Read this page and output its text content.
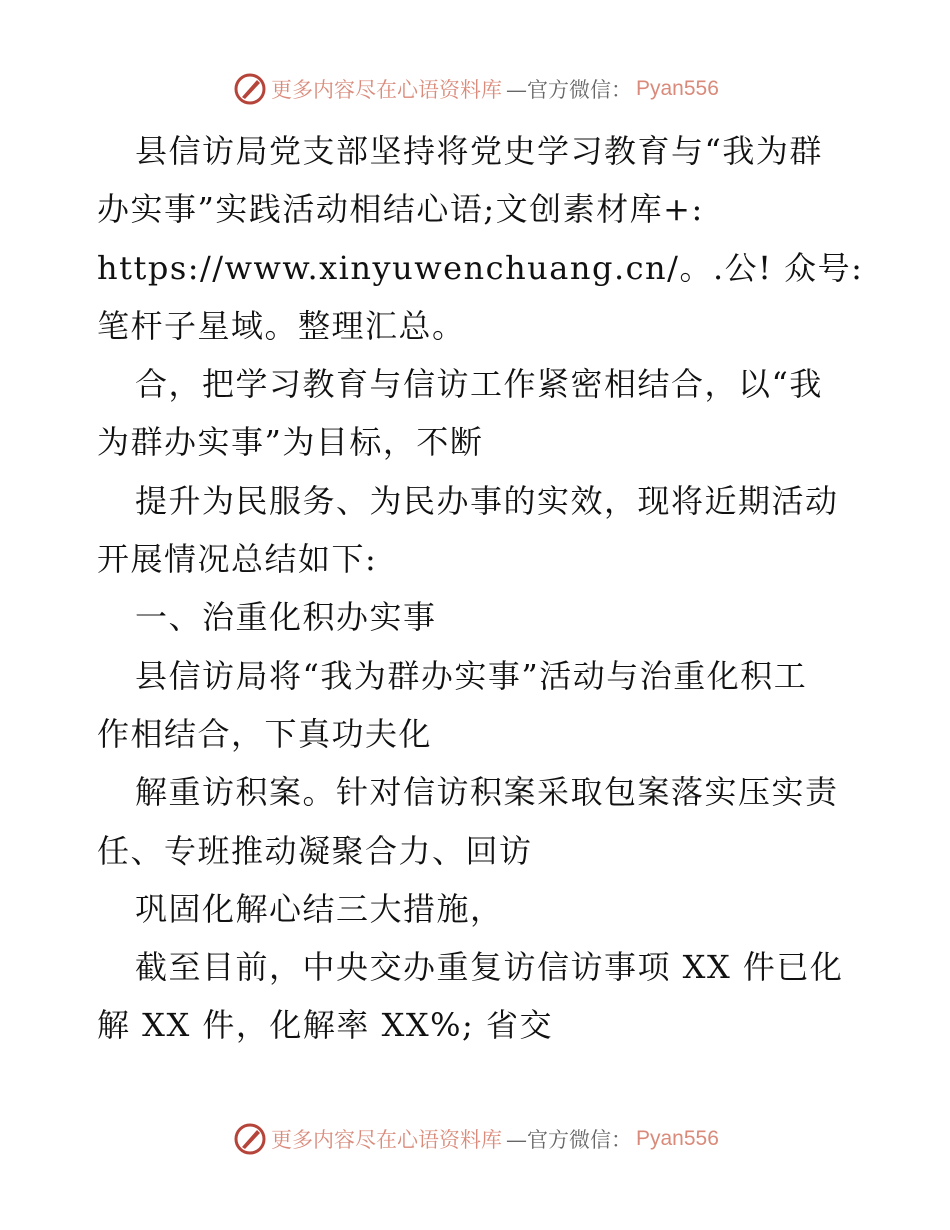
更多内容尽在心语资料库 —官方微信： Pyan556
县信访局党支部坚持将党史学习教育与“我为群
办实事”实践活动相结心语;文创素材库+:
https://www.xinyuwenchuang.cn/。.公! 众号:
笔杆子星域。整理汇总。
合，把学习教育与信访工作紧密相结合，以“我
为群办实事”为目标，不断
提升为民服务、为民办事的实效，现将近期活动
开展情况总结如下:
一、治重化积办实事
县信访局将“我为群办实事”活动与治重化积工
作相结合，下真功夫化
解重访积案。针对信访积案采取包案落实压实责
任、专班推动凝聚合力、回访
巩固化解心结三大措施，
截至目前，中央交办重复访信访事项 XX 件已化
解 XX 件，化解率 XX%; 省交
更多内容尽在心语资料库 —官方微信： Pyan556
